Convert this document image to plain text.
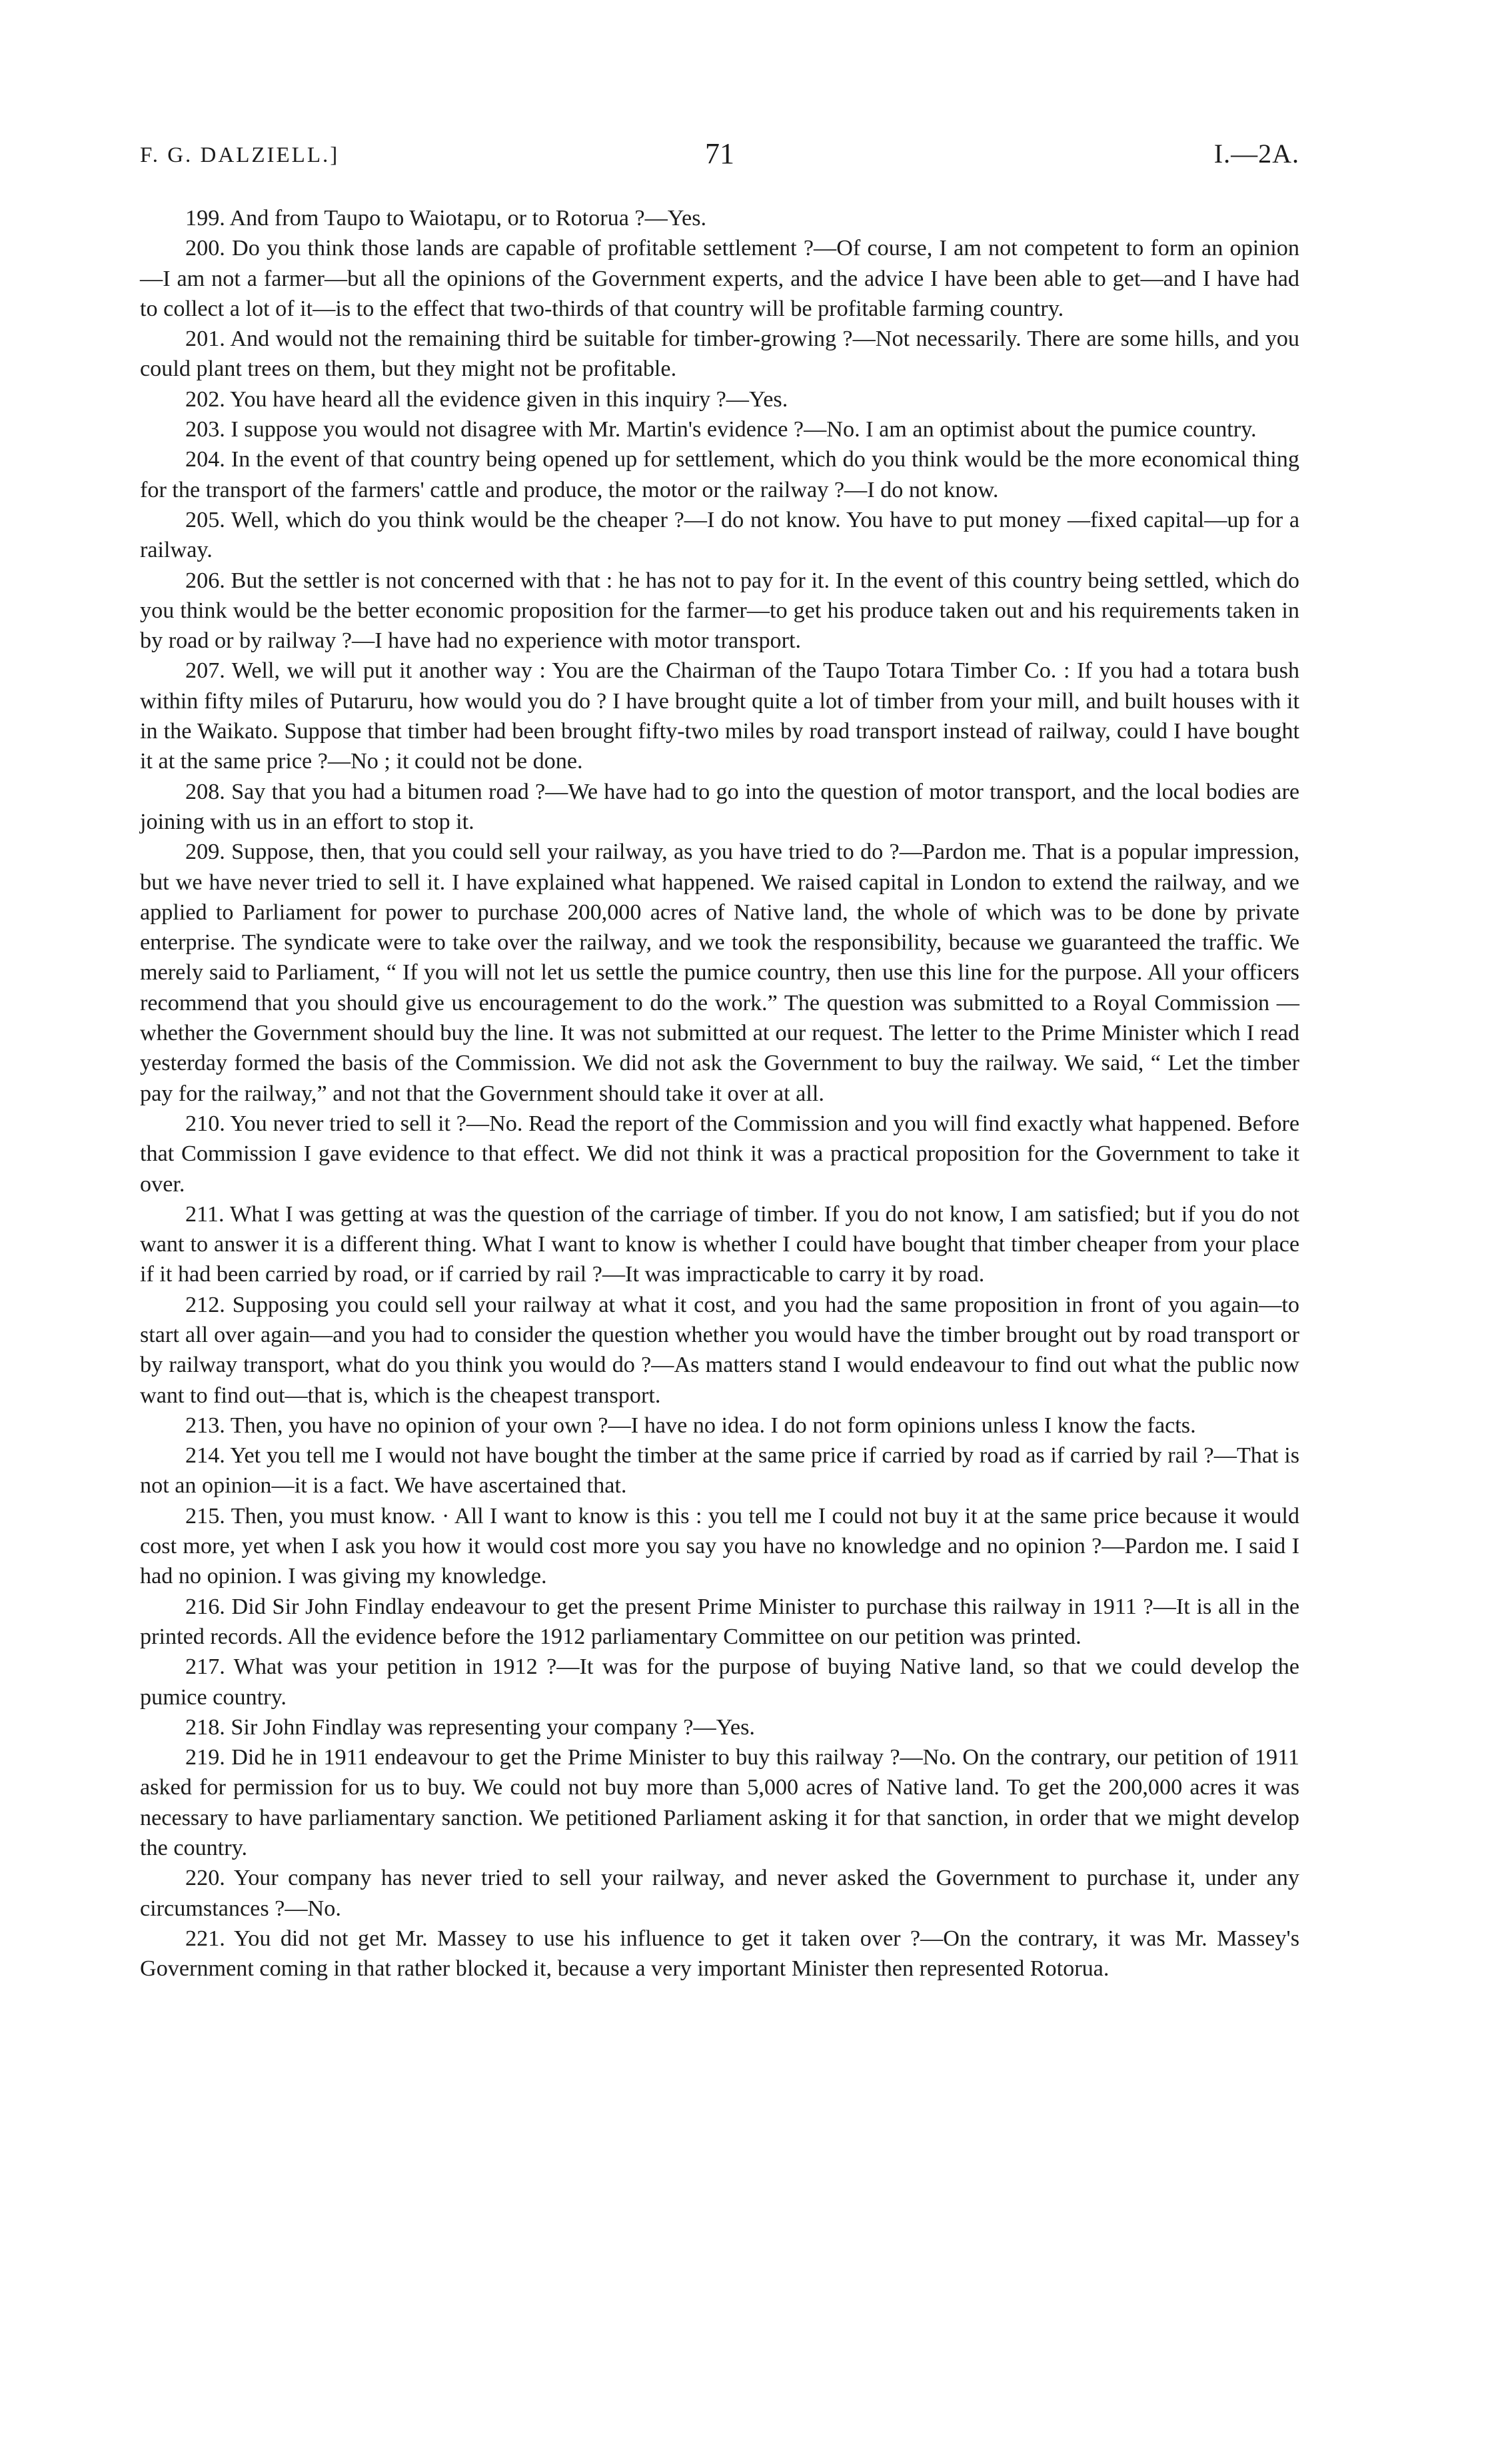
F. G. DALZIELL.]	71	I.—2A.

199. And from Taupo to Waiotapu, or to Rotorua ?—Yes.

200. Do you think those lands are capable of profitable settlement ?—Of course, I am not competent to form an opinion—I am not a farmer—but all the opinions of the Government experts, and the advice I have been able to get—and I have had to collect a lot of it—is to the effect that two-thirds of that country will be profitable farming country.

201. And would not the remaining third be suitable for timber-growing ?—Not necessarily. There are some hills, and you could plant trees on them, but they might not be profitable.

202. You have heard all the evidence given in this inquiry ?—Yes.

203. I suppose you would not disagree with Mr. Martin's evidence ?—No. I am an optimist about the pumice country.

204. In the event of that country being opened up for settlement, which do you think would be the more economical thing for the transport of the farmers' cattle and produce, the motor or the railway ?—I do not know.

205. Well, which do you think would be the cheaper ?—I do not know. You have to put money —fixed capital—up for a railway.

206. But the settler is not concerned with that : he has not to pay for it. In the event of this country being settled, which do you think would be the better economic proposition for the farmer—to get his produce taken out and his requirements taken in by road or by railway ?—I have had no experience with motor transport.

207. Well, we will put it another way : You are the Chairman of the Taupo Totara Timber Co. : If you had a totara bush within fifty miles of Putaruru, how would you do ? I have brought quite a lot of timber from your mill, and built houses with it in the Waikato. Suppose that timber had been brought fifty-two miles by road transport instead of railway, could I have bought it at the same price ?—No ; it could not be done.

208. Say that you had a bitumen road ?—We have had to go into the question of motor transport, and the local bodies are joining with us in an effort to stop it.

209. Suppose, then, that you could sell your railway, as you have tried to do ?—Pardon me. That is a popular impression, but we have never tried to sell it. I have explained what happened. We raised capital in London to extend the railway, and we applied to Parliament for power to purchase 200,000 acres of Native land, the whole of which was to be done by private enterprise. The syndicate were to take over the railway, and we took the responsibility, because we guaranteed the traffic. We merely said to Parliament, “ If you will not let us settle the pumice country, then use this line for the purpose. All your officers recommend that you should give us encouragement to do the work.” The question was submitted to a Royal Commission — whether the Government should buy the line. It was not submitted at our request. The letter to the Prime Minister which I read yesterday formed the basis of the Commission. We did not ask the Government to buy the railway. We said, “ Let the timber pay for the railway,” and not that the Government should take it over at all.

210. You never tried to sell it ?—No. Read the report of the Commission and you will find exactly what happened. Before that Commission I gave evidence to that effect. We did not think it was a practical proposition for the Government to take it over.

211. What I was getting at was the question of the carriage of timber. If you do not know, I am satisfied; but if you do not want to answer it is a different thing. What I want to know is whether I could have bought that timber cheaper from your place if it had been carried by road, or if carried by rail ?—It was impracticable to carry it by road.

212. Supposing you could sell your railway at what it cost, and you had the same proposition in front of you again—to start all over again—and you had to consider the question whether you would have the timber brought out by road transport or by railway transport, what do you think you would do ?—As matters stand I would endeavour to find out what the public now want to find out—that is, which is the cheapest transport.

213. Then, you have no opinion of your own ?—I have no idea. I do not form opinions unless I know the facts.

214. Yet you tell me I would not have bought the timber at the same price if carried by road as if carried by rail ?—That is not an opinion—it is a fact. We have ascertained that.

215. Then, you must know. · All I want to know is this : you tell me I could not buy it at the same price because it would cost more, yet when I ask you how it would cost more you say you have no knowledge and no opinion ?—Pardon me. I said I had no opinion. I was giving my knowledge.

216. Did Sir John Findlay endeavour to get the present Prime Minister to purchase this railway in 1911 ?—It is all in the printed records. All the evidence before the 1912 parliamentary Committee on our petition was printed.

217. What was your petition in 1912 ?—It was for the purpose of buying Native land, so that we could develop the pumice country.

218. Sir John Findlay was representing your company ?—Yes.

219. Did he in 1911 endeavour to get the Prime Minister to buy this railway ?—No. On the contrary, our petition of 1911 asked for permission for us to buy. We could not buy more than 5,000 acres of Native land. To get the 200,000 acres it was necessary to have parliamentary sanction. We petitioned Parliament asking it for that sanction, in order that we might develop the country.

220. Your company has never tried to sell your railway, and never asked the Government to purchase it, under any circumstances ?—No.

221. You did not get Mr. Massey to use his influence to get it taken over ?—On the contrary, it was Mr. Massey's Government coming in that rather blocked it, because a very important Minister then represented Rotorua.
